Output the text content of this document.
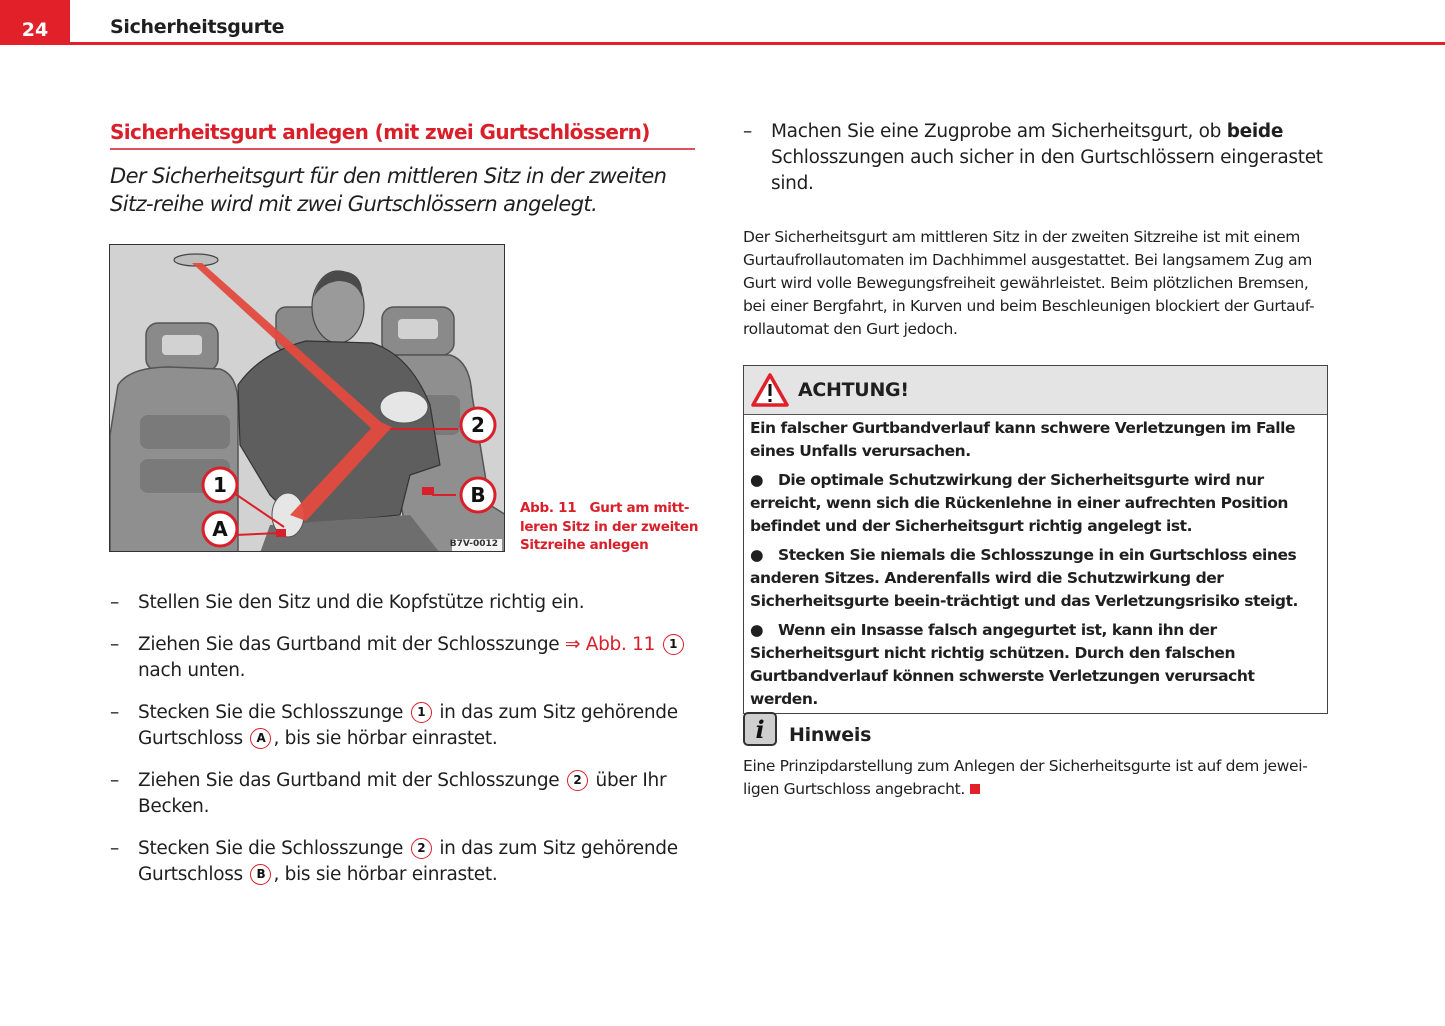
24	Sicherheitsgurte
Sicherheitsgurt anlegen (mit zwei Gurtschlössern)
Der Sicherheitsgurt für den mittleren Sitz in der zweiten Sitz-reihe wird mit zwei Gurtschlössern angelegt.
2
B
1
A
B7V-0012
Abb. 11 Gurt am mitt-leren Sitz in der zweiten Sitzreihe anlegen
–	Stellen Sie den Sitz und die Kopfstütze richtig ein.
–	Ziehen Sie das Gurtband mit der Schlosszunge ⇒ Abb. 11 1 nach unten.
–	Stecken Sie die Schlosszunge 1 in das zum Sitz gehörende Gurtschloss A , bis sie hörbar einrastet.
–	Ziehen Sie das Gurtband mit der Schlosszunge 2 über Ihr Becken.
–	Stecken Sie die Schlosszunge 2 in das zum Sitz gehörende Gurtschloss B , bis sie hörbar einrastet.
–	Machen Sie eine Zugprobe am Sicherheitsgurt, ob beide Schlosszungen auch sicher in den Gurtschlössern eingerastet sind.
Der Sicherheitsgurt am mittleren Sitz in der zweiten Sitzreihe ist mit einem Gurtaufrollautomaten im Dachhimmel ausgestattet. Bei langsamem Zug am Gurt wird volle Bewegungsfreiheit gewährleistet. Beim plötzlichen Bremsen, bei einer Bergfahrt, in Kurven und beim Beschleunigen blockiert der Gurtauf-rollautomat den Gurt jedoch.
ACHTUNG!

Ein falscher Gurtbandverlauf kann schwere Verletzungen im Falle eines Unfalls verursachen.

● Die optimale Schutzwirkung der Sicherheitsgurte wird nur erreicht, wenn sich die Rückenlehne in einer aufrechten Position befindet und der Sicherheitsgurt richtig angelegt ist.

● Stecken Sie niemals die Schlosszunge in ein Gurtschloss eines anderen Sitzes. Anderenfalls wird die Schutzwirkung der Sicherheitsgurte beein-trächtigt und das Verletzungsrisiko steigt.

● Wenn ein Insasse falsch angegurtet ist, kann ihn der Sicherheitsgurt nicht richtig schützen. Durch den falschen Gurtbandverlauf können schwerste Verletzungen verursacht werden.

i	Hinweis
Eine Prinzipdarstellung zum Anlegen der Sicherheitsgurte ist auf dem jewei-ligen Gurtschloss angebracht.
